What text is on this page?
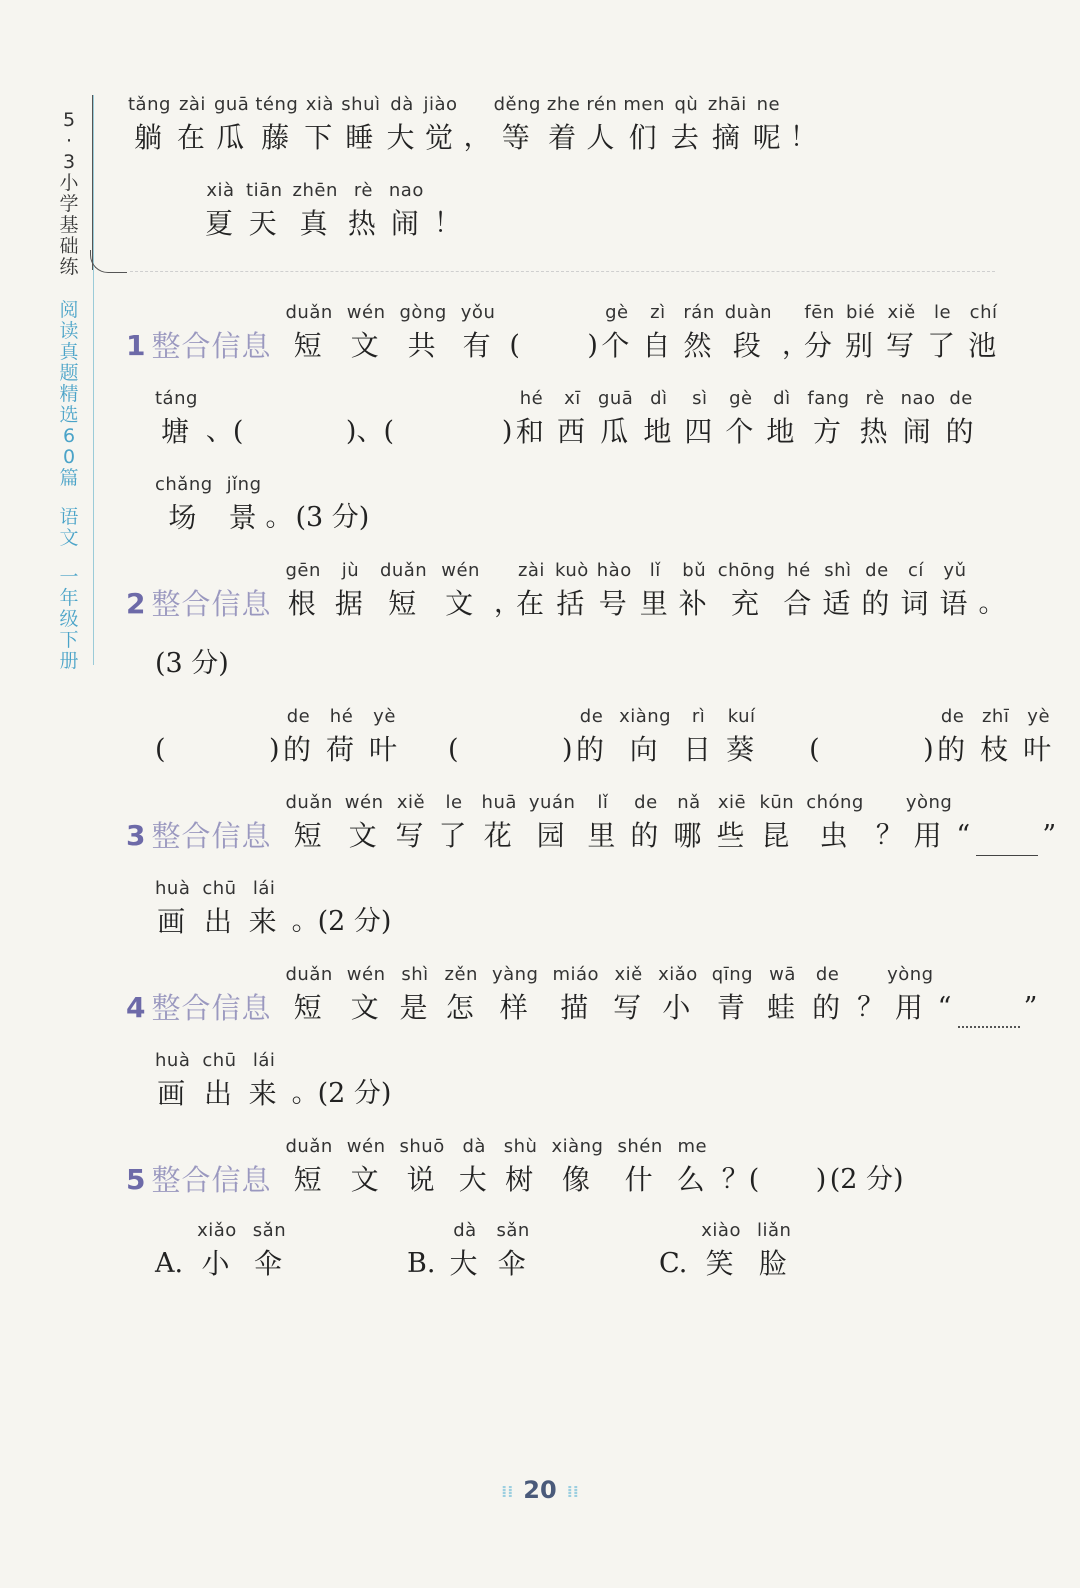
5
·
3
小
学
基
础
练
阅
读
真
题
精
选
6
0
篇
语
文
一
年
级
下
册
tǎng
躺
zài
在
guā
瓜
téng
藤
xià
下
shuì
睡
dà
大
jiào
觉 ，
děng
等
zhe
着
rén
人
men
们
qù
去
zhāi
摘
ne
呢 ！
xià
夏
tiān
天
zhēn
真
rè
热
nao
闹 ！
1 整合信息
duǎn
短
wén
文
gòng
共
yǒu
有 ( )
gè
个
zì
自
rán
然
duàn
段 ，
fēn
分
bié
别
xiě
写
le
了
chí
池
táng
塘 、(	)、(	)
hé
和
xī
西
guā
瓜
dì
地
sì
四
gè
个
dì
地
fang
方
rè
热
nao
闹
de
的
chǎng
场
jǐng
景 。 (3 分)
2 整合信息
gēn
根
jù
据
duǎn
短
wén
文 ，
zài
在
kuò
括
hào
号
lǐ
里
bǔ
补
chōng
充
hé
合
shì
适
de
的
cí
词
yǔ
语 。
(3 分)
(	)
de
的
hé
荷
yè
叶 (	)
de
的
xiàng
向
rì
日
kuí
葵 (	)
de
的
zhī
枝
yè
叶
3 整合信息
duǎn
短
wén
文
xiě
写
le
了
huā
花
yuán
园
lǐ
里
de
的
nǎ
哪
xiē
些
kūn
昆
chóng
虫 ？
yòng
用 “	”
huà
画
chū
出
lái
来 。 (2 分)
4 整合信息
duǎn
短
wén
文
shì
是
zěn
怎
yàng
样
miáo
描
xiě
写
xiǎo
小
qīng
青
wā
蛙
de
的 ？
yòng
用 “	”
huà
画
chū
出
lái
来 。 (2 分)
5 整合信息
duǎn
短
wén
文
shuō
说
dà
大
shù
树
xiàng
像
shén
什
me
么 ？( ) (2 分)
A.
xiǎo
小
sǎn
伞	B.
dà
大
sǎn
伞	C.
xiào
笑
liǎn
脸
⁞⁞ 20 ⁞⁞
